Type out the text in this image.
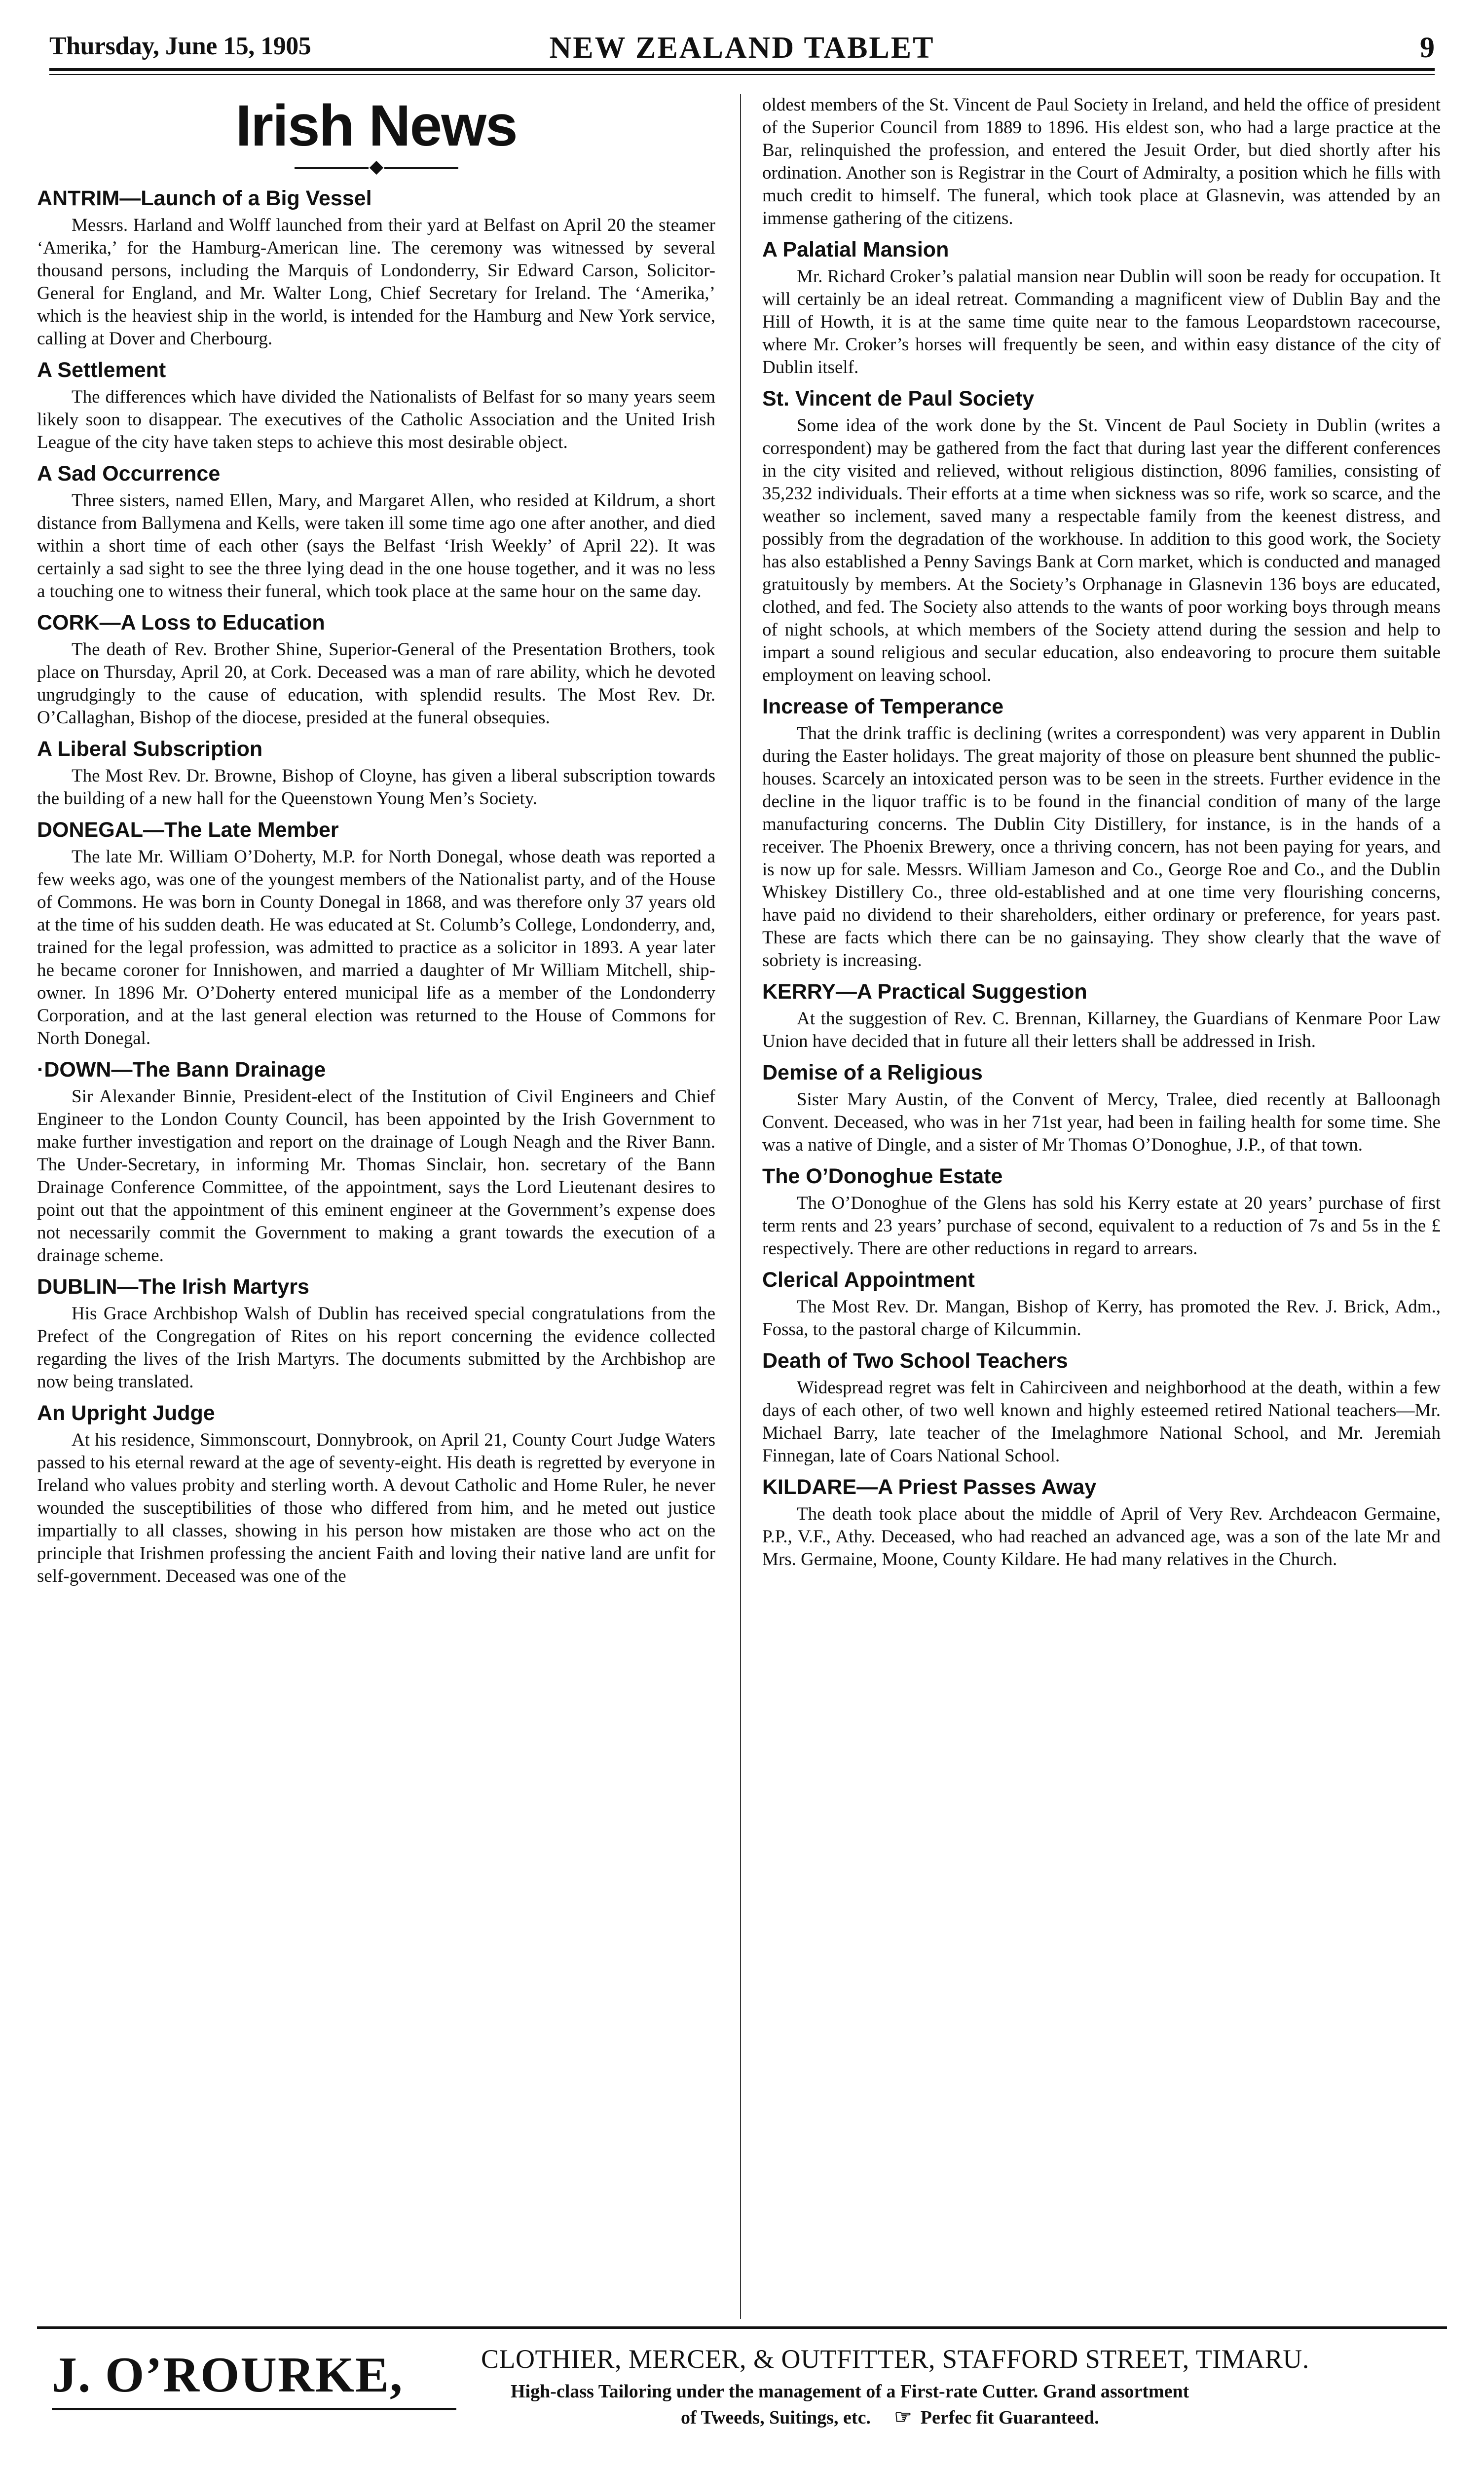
Thursday, June 15, 1905	NEW ZEALAND TABLET	9
Irish News
ANTRIM—Launch of a Big Vessel

Messrs. Harland and Wolff launched from their yard at Belfast on April 20 the steamer ‘Amerika,’ for the Hamburg-American line. The ceremony was witnessed by several thousand persons, including the Marquis of Londonderry, Sir Edward Carson, Solicitor-General for England, and Mr. Walter Long, Chief Secretary for Ireland. The ‘Amerika,’ which is the heaviest ship in the world, is intended for the Hamburg and New York service, calling at Dover and Cherbourg.

A Settlement

The differences which have divided the Nationalists of Belfast for so many years seem likely soon to disappear. The executives of the Catholic Association and the United Irish League of the city have taken steps to achieve this most desirable object.

A Sad Occurrence

Three sisters, named Ellen, Mary, and Margaret Allen, who resided at Kildrum, a short distance from Ballymena and Kells, were taken ill some time ago one after another, and died within a short time of each other (says the Belfast ‘Irish Weekly’ of April 22). It was certainly a sad sight to see the three lying dead in the one house together, and it was no less a touching one to witness their funeral, which took place at the same hour on the same day.

CORK—A Loss to Education

The death of Rev. Brother Shine, Superior-General of the Presentation Brothers, took place on Thursday, April 20, at Cork. Deceased was a man of rare ability, which he devoted ungrudgingly to the cause of education, with splendid results. The Most Rev. Dr. O’Callaghan, Bishop of the diocese, presided at the funeral obsequies.

A Liberal Subscription

The Most Rev. Dr. Browne, Bishop of Cloyne, has given a liberal subscription towards the building of a new hall for the Queenstown Young Men’s Society.

DONEGAL—The Late Member

The late Mr. William O’Doherty, M.P. for North Donegal, whose death was reported a few weeks ago, was one of the youngest members of the Nationalist party, and of the House of Commons. He was born in County Donegal in 1868, and was therefore only 37 years old at the time of his sudden death. He was educated at St. Columb’s College, Londonderry, and, trained for the legal profession, was admitted to practice as a solicitor in 1893. A year later he became coroner for Innishowen, and married a daughter of Mr William Mitchell, ship-owner. In 1896 Mr. O’Doherty entered municipal life as a member of the Londonderry Corporation, and at the last general election was returned to the House of Commons for North Donegal.

·DOWN—The Bann Drainage

Sir Alexander Binnie, President-elect of the Institution of Civil Engineers and Chief Engineer to the London County Council, has been appointed by the Irish Government to make further investigation and report on the drainage of Lough Neagh and the River Bann. The Under-Secretary, in informing Mr. Thomas Sinclair, hon. secretary of the Bann Drainage Conference Committee, of the appointment, says the Lord Lieutenant desires to point out that the appointment of this eminent engineer at the Government’s expense does not necessarily commit the Government to making a grant towards the execution of a drainage scheme.

DUBLIN—The Irish Martyrs

His Grace Archbishop Walsh of Dublin has received special congratulations from the Prefect of the Congregation of Rites on his report concerning the evidence collected regarding the lives of the Irish Martyrs. The documents submitted by the Archbishop are now being translated.

An Upright Judge

At his residence, Simmonscourt, Donnybrook, on April 21, County Court Judge Waters passed to his eternal reward at the age of seventy-eight. His death is regretted by everyone in Ireland who values probity and sterling worth. A devout Catholic and Home Ruler, he never wounded the susceptibilities of those who differed from him, and he meted out justice impartially to all classes, showing in his person how mistaken are those who act on the principle that Irishmen professing the ancient Faith and loving their native land are unfit for self-government. Deceased was one of the

oldest members of the St. Vincent de Paul Society in Ireland, and held the office of president of the Superior Council from 1889 to 1896. His eldest son, who had a large practice at the Bar, relinquished the profession, and entered the Jesuit Order, but died shortly after his ordination. Another son is Registrar in the Court of Admiralty, a position which he fills with much credit to himself. The funeral, which took place at Glasnevin, was attended by an immense gathering of the citizens.

A Palatial Mansion

Mr. Richard Croker’s palatial mansion near Dublin will soon be ready for occupation. It will certainly be an ideal retreat. Commanding a magnificent view of Dublin Bay and the Hill of Howth, it is at the same time quite near to the famous Leopardstown racecourse, where Mr. Croker’s horses will frequently be seen, and within easy distance of the city of Dublin itself.

St. Vincent de Paul Society

Some idea of the work done by the St. Vincent de Paul Society in Dublin (writes a correspondent) may be gathered from the fact that during last year the different conferences in the city visited and relieved, without religious distinction, 8096 families, consisting of 35,232 individuals. Their efforts at a time when sickness was so rife, work so scarce, and the weather so inclement, saved many a respectable family from the keenest distress, and possibly from the degradation of the workhouse. In addition to this good work, the Society has also established a Penny Savings Bank at Corn market, which is conducted and managed gratuitously by members. At the Society’s Orphanage in Glasnevin 136 boys are educated, clothed, and fed. The Society also attends to the wants of poor working boys through means of night schools, at which members of the Society attend during the session and help to impart a sound religious and secular education, also endeavoring to procure them suitable employment on leaving school.

Increase of Temperance

That the drink traffic is declining (writes a correspondent) was very apparent in Dublin during the Easter holidays. The great majority of those on pleasure bent shunned the public-houses. Scarcely an intoxicated person was to be seen in the streets. Further evidence in the decline in the liquor traffic is to be found in the financial condition of many of the large manufacturing concerns. The Dublin City Distillery, for instance, is in the hands of a receiver. The Phoenix Brewery, once a thriving concern, has not been paying for years, and is now up for sale. Messrs. William Jameson and Co., George Roe and Co., and the Dublin Whiskey Distillery Co., three old-established and at one time very flourishing concerns, have paid no dividend to their shareholders, either ordinary or preference, for years past. These are facts which there can be no gainsaying. They show clearly that the wave of sobriety is increasing.

KERRY—A Practical Suggestion

At the suggestion of Rev. C. Brennan, Killarney, the Guardians of Kenmare Poor Law Union have decided that in future all their letters shall be addressed in Irish.

Demise of a Religious

Sister Mary Austin, of the Convent of Mercy, Tralee, died recently at Balloonagh Convent. Deceased, who was in her 71st year, had been in failing health for some time. She was a native of Dingle, and a sister of Mr Thomas O’Donoghue, J.P., of that town.

The O’Donoghue Estate

The O’Donoghue of the Glens has sold his Kerry estate at 20 years’ purchase of first term rents and 23 years’ purchase of second, equivalent to a reduction of 7s and 5s in the £ respectively. There are other reductions in regard to arrears.

Clerical Appointment

The Most Rev. Dr. Mangan, Bishop of Kerry, has promoted the Rev. J. Brick, Adm., Fossa, to the pastoral charge of Kilcummin.

Death of Two School Teachers

Widespread regret was felt in Cahirciveen and neighborhood at the death, within a few days of each other, of two well known and highly esteemed retired National teachers—Mr. Michael Barry, late teacher of the Imelaghmore National School, and Mr. Jeremiah Finnegan, late of Coars National School.

KILDARE—A Priest Passes Away

The death took place about the middle of April of Very Rev. Archdeacon Germaine, P.P., V.F., Athy. Deceased, who had reached an advanced age, was a son of the late Mr and Mrs. Germaine, Moone, County Kildare. He had many relatives in the Church.

J. O’ROURKE,	CLOTHIER, MERCER, & OUTFITTER, STAFFORD STREET, TIMARU.
High-class Tailoring under the management of a First-rate Cutter. Grand assortment
of Tweeds, Suitings, etc. ☞ Perfec fit Guaranteed.
